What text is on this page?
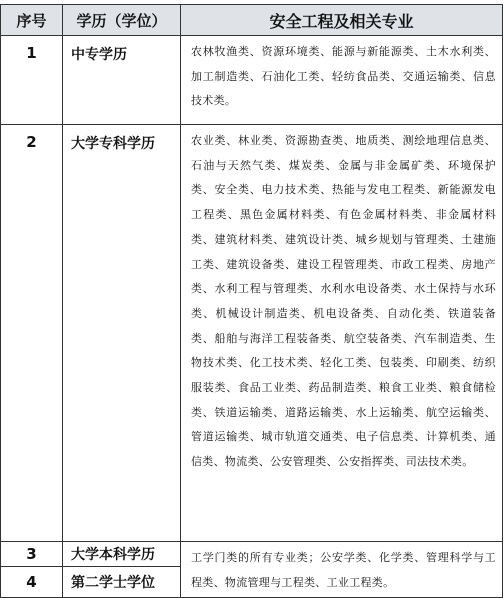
序号	学历（学位）	安全工程及相关专业
1	中专学历	农林牧渔类、资源环境类、能源与新能源类、土木水利类、加工制造类、石油化工类、轻纺食品类、交通运输类、信息技术类。
2	大学专科学历	农业类、林业类、资源勘查类、地质类、测绘地理信息类、石油与天然气类、煤炭类、金属与非金属矿类、环境保护类、安全类、电力技术类、热能与发电工程类、新能源发电工程类、黑色金属材料类、有色金属材料类、非金属材料类、建筑材料类、建筑设计类、城乡规划与管理类、土建施工类、建筑设备类、建设工程管理类、市政工程类、房地产类、水利工程与管理类、水利水电设备类、水土保持与水环类、机械设计制造类、机电设备类、自动化类、铁道装备类、船舶与海洋工程装备类、航空装备类、汽车制造类、生物技术类、化工技术类、轻化工类、包装类、印刷类、纺织服装类、食品工业类、药品制造类、粮食工业类、粮食储检类、铁道运输类、道路运输类、水上运输类、航空运输类、管道运输类、城市轨道交通类、电子信息类、计算机类、通信类、物流类、公安管理类、公安指挥类、司法技术类。
3	大学本科学历	工学门类的所有专业类；公安学类、化学类、管理科学与工程类、物流管理与工程类、工业工程类。
4	第二学士学位	
